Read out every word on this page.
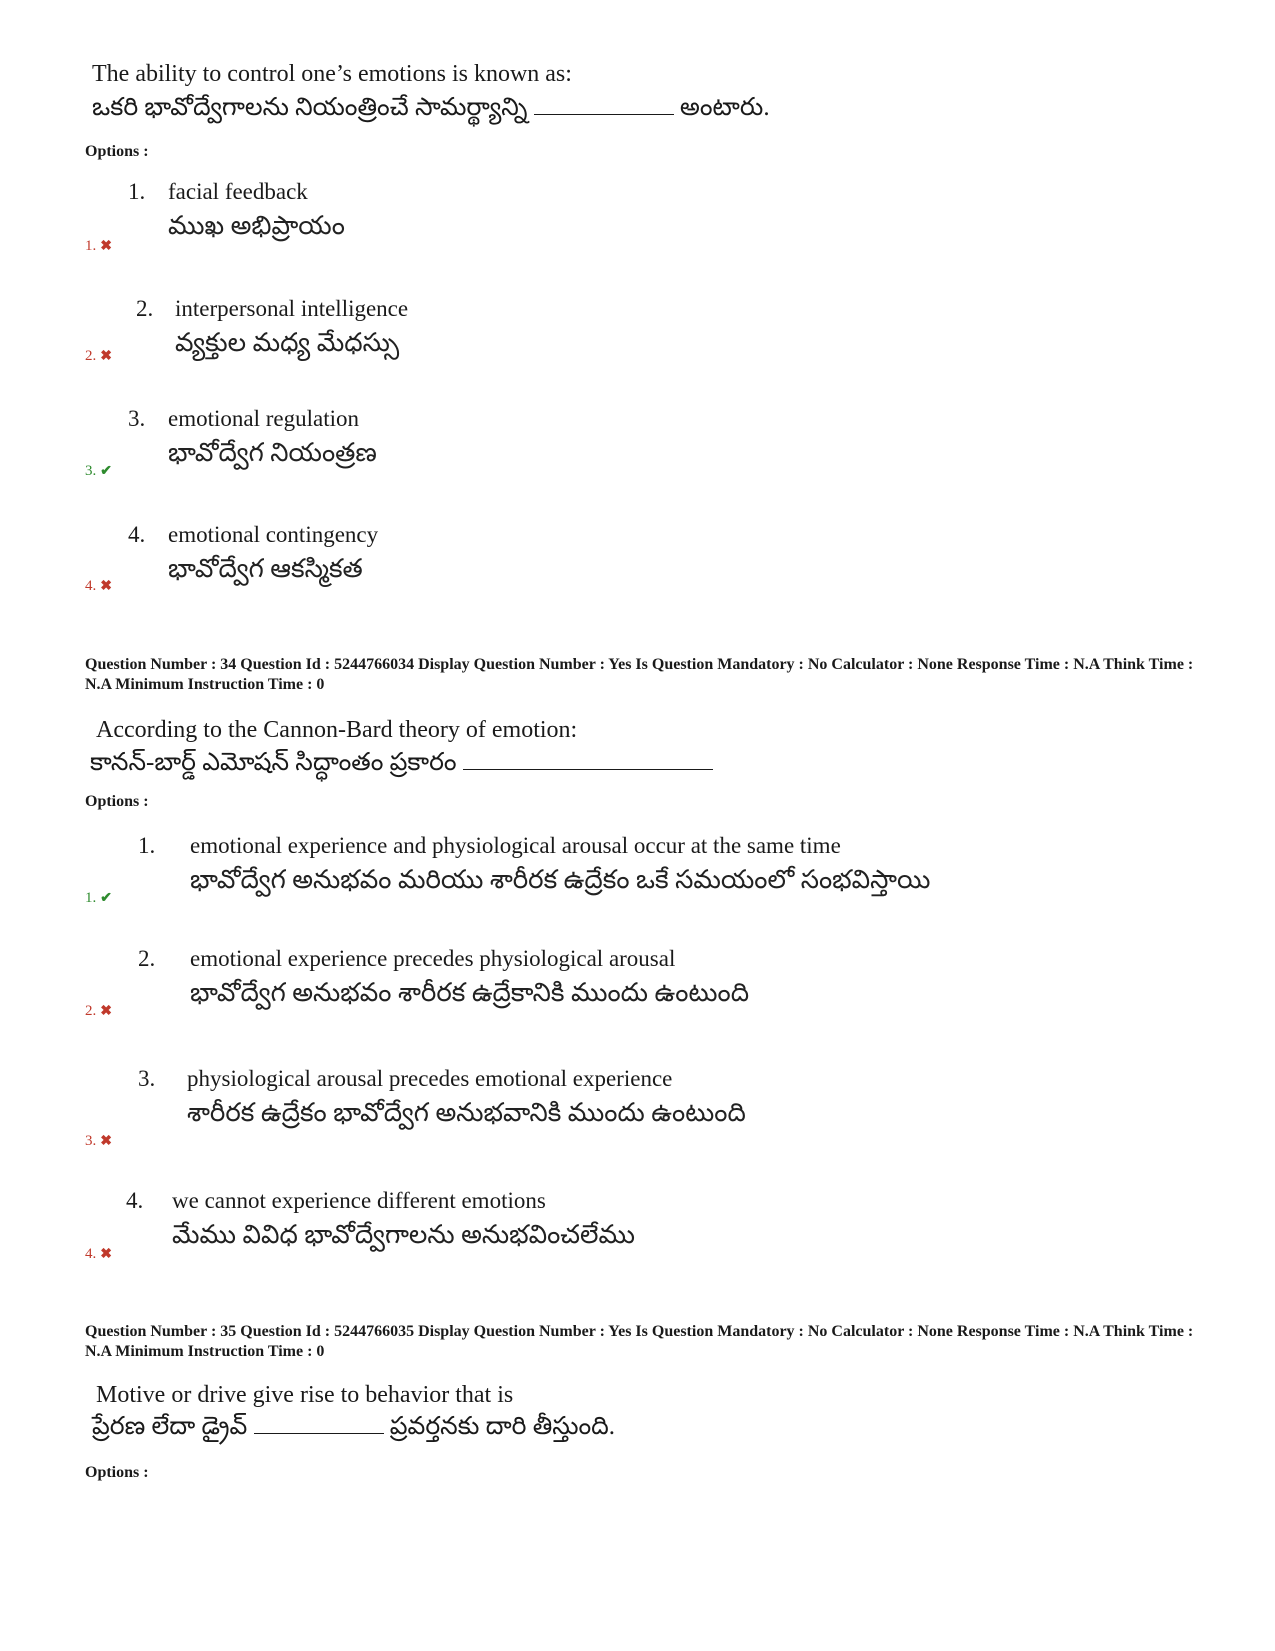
The ability to control one’s emotions is known as:
ఒకరి భావోద్వేగాలను నియంత్రించే సామర్థ్యాన్ని	అంటారు.
Options :
1. facial feedback
ముఖ అభిప్రాయం
1. ✖
2. interpersonal intelligence
వ్యక్తుల మధ్య మేధస్సు
2. ✖
3. emotional regulation
భావోద్వేగ నియంత్రణ
3. ✔
4. emotional contingency
భావోద్వేగ ఆకస్మికత
4. ✖
Question Number : 34 Question Id : 5244766034 Display Question Number : Yes Is Question Mandatory : No Calculator : None Response Time : N.A Think Time : N.A Minimum Instruction Time : 0
According to the Cannon-Bard theory of emotion:
కానన్-బార్డ్ ఎమోషన్ సిద్ధాంతం ప్రకారం
Options :
1. emotional experience and physiological arousal occur at the same time
భావోద్వేగ అనుభవం మరియు శారీరక ఉద్రేకం ఒకే సమయంలో సంభవిస్తాయి
1. ✔
2. emotional experience precedes physiological arousal
భావోద్వేగ అనుభవం శారీరక ఉద్రేకానికి ముందు ఉంటుంది
2. ✖
3. physiological arousal precedes emotional experience
శారీరక ఉద్రేకం భావోద్వేగ అనుభవానికి ముందు ఉంటుంది
3. ✖
4. we cannot experience different emotions
మేము వివిధ భావోద్వేగాలను అనుభవించలేము
4. ✖
Question Number : 35 Question Id : 5244766035 Display Question Number : Yes Is Question Mandatory : No Calculator : None Response Time : N.A Think Time : N.A Minimum Instruction Time : 0
Motive or drive give rise to behavior that is
ప్రేరణ లేదా డ్రైవ్	ప్రవర్తనకు దారి తీస్తుంది.
Options :
